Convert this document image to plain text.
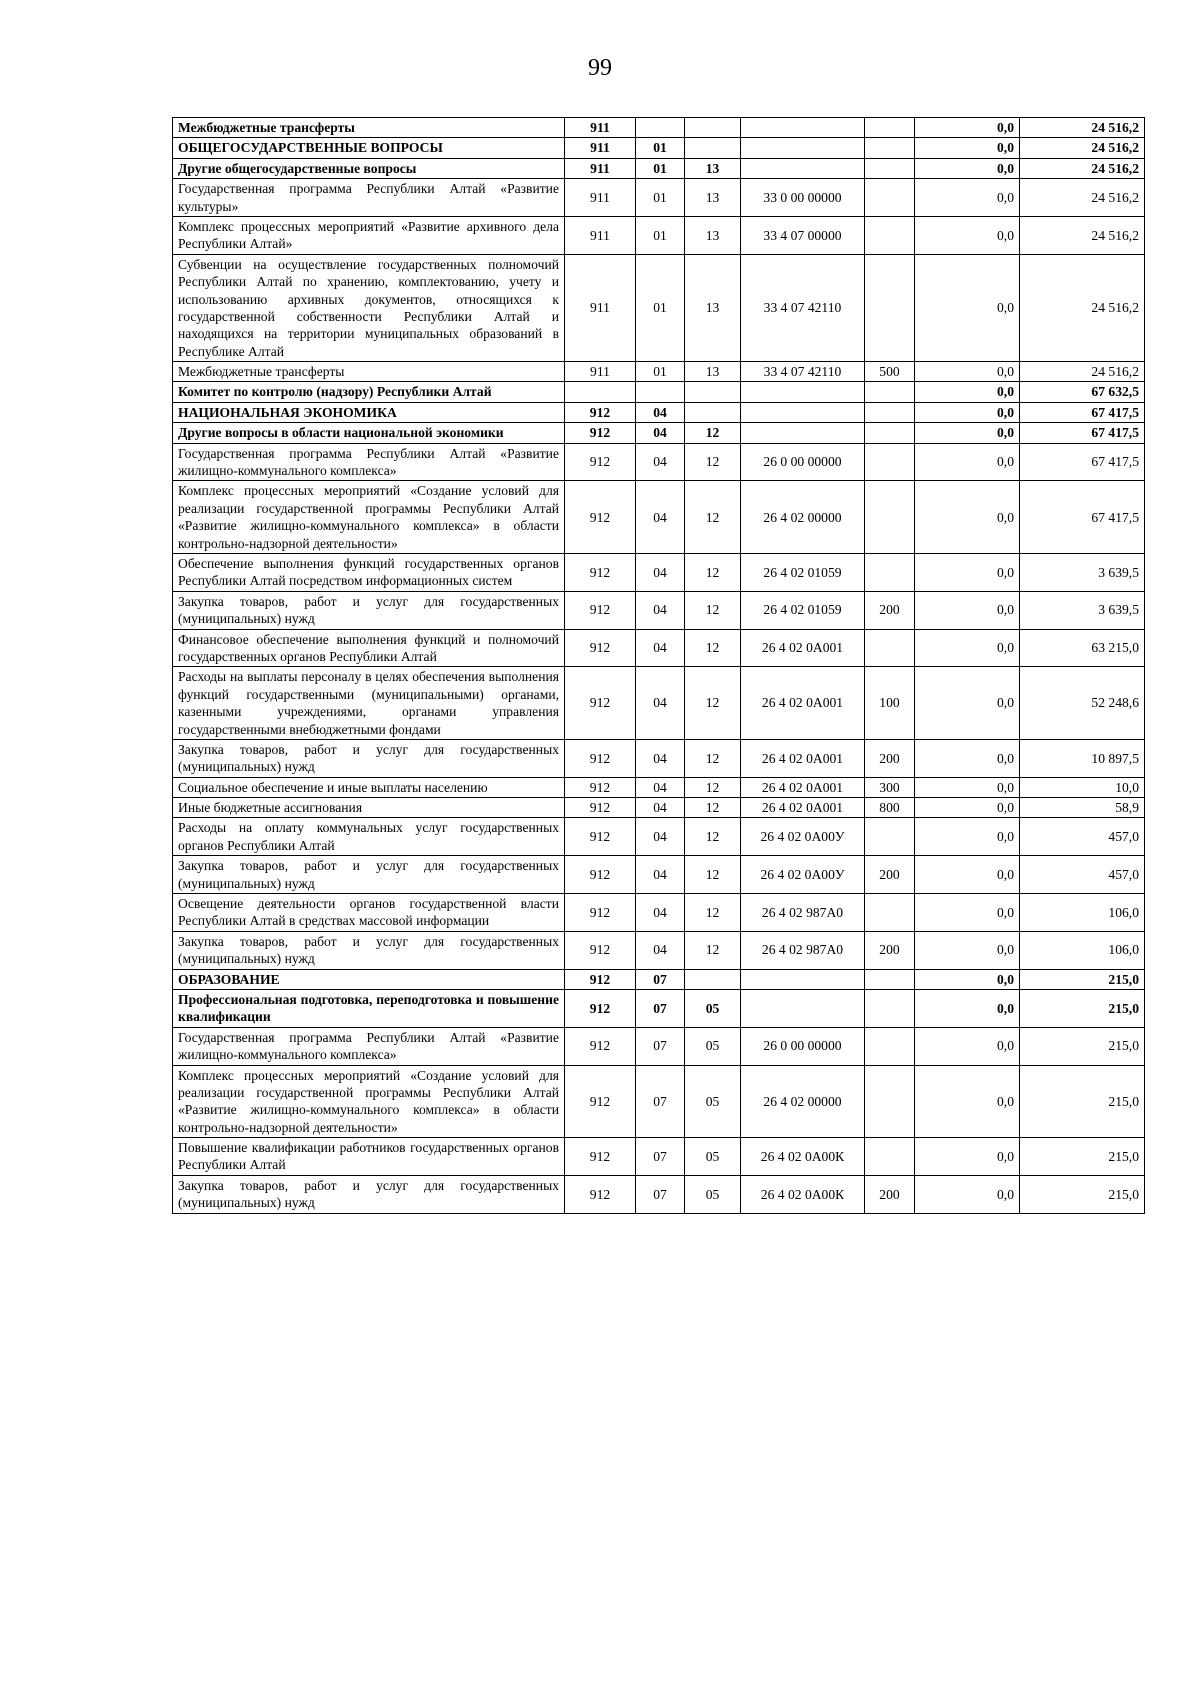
99
Межбюджетные трансферты	911					0,0	24 516,2
ОБЩЕГОСУДАРСТВЕННЫЕ ВОПРОСЫ	911	01				0,0	24 516,2
Другие общегосударственные вопросы	911	01	13			0,0	24 516,2
Государственная программа Республики Алтай «Развитие культуры»	911	01	13	33 0 00 00000		0,0	24 516,2
Комплекс процессных мероприятий «Развитие архивного дела Республики Алтай»	911	01	13	33 4 07 00000		0,0	24 516,2
Субвенции на осуществление государственных полномочий Республики Алтай по хранению, комплектованию, учету и использованию архивных документов, относящихся к государственной собственности Республики Алтай и находящихся на территории муниципальных образований в Республике Алтай	911	01	13	33 4 07 42110		0,0	24 516,2
Межбюджетные трансферты	911	01	13	33 4 07 42110	500	0,0	24 516,2
Комитет по контролю (надзору) Республики Алтай						0,0	67 632,5
НАЦИОНАЛЬНАЯ ЭКОНОМИКА	912	04				0,0	67 417,5
Другие вопросы в области национальной экономики	912	04	12			0,0	67 417,5
Государственная программа Республики Алтай «Развитие жилищно-коммунального комплекса»	912	04	12	26 0 00 00000		0,0	67 417,5
Комплекс процессных мероприятий «Создание условий для реализации государственной программы Республики Алтай «Развитие жилищно-коммунального комплекса» в области контрольно-надзорной деятельности»	912	04	12	26 4 02 00000		0,0	67 417,5
Обеспечение выполнения функций государственных органов Республики Алтай посредством информационных систем	912	04	12	26 4 02 01059		0,0	3 639,5
Закупка товаров, работ и услуг для государственных (муниципальных) нужд	912	04	12	26 4 02 01059	200	0,0	3 639,5
Финансовое обеспечение выполнения функций и полномочий государственных органов Республики Алтай	912	04	12	26 4 02 0А001		0,0	63 215,0
Расходы на выплаты персоналу в целях обеспечения выполнения функций государственными (муниципальными) органами, казенными учреждениями, органами управления государственными внебюджетными фондами	912	04	12	26 4 02 0А001	100	0,0	52 248,6
Закупка товаров, работ и услуг для государственных (муниципальных) нужд	912	04	12	26 4 02 0А001	200	0,0	10 897,5
Социальное обеспечение и иные выплаты населению	912	04	12	26 4 02 0А001	300	0,0	10,0
Иные бюджетные ассигнования	912	04	12	26 4 02 0А001	800	0,0	58,9
Расходы на оплату коммунальных услуг государственных органов Республики Алтай	912	04	12	26 4 02 0А00У		0,0	457,0
Закупка товаров, работ и услуг для государственных (муниципальных) нужд	912	04	12	26 4 02 0А00У	200	0,0	457,0
Освещение деятельности органов государственной власти Республики Алтай в средствах массовой информации	912	04	12	26 4 02 987А0		0,0	106,0
Закупка товаров, работ и услуг для государственных (муниципальных) нужд	912	04	12	26 4 02 987А0	200	0,0	106,0
ОБРАЗОВАНИЕ	912	07				0,0	215,0
Профессиональная подготовка, переподготовка и повышение квалификации	912	07	05			0,0	215,0
Государственная программа Республики Алтай «Развитие жилищно-коммунального комплекса»	912	07	05	26 0 00 00000		0,0	215,0
Комплекс процессных мероприятий «Создание условий для реализации государственной программы Республики Алтай «Развитие жилищно-коммунального комплекса» в области контрольно-надзорной деятельности»	912	07	05	26 4 02 00000		0,0	215,0
Повышение квалификации работников государственных органов Республики Алтай	912	07	05	26 4 02 0А00К		0,0	215,0
Закупка товаров, работ и услуг для государственных (муниципальных) нужд	912	07	05	26 4 02 0А00К	200	0,0	215,0
